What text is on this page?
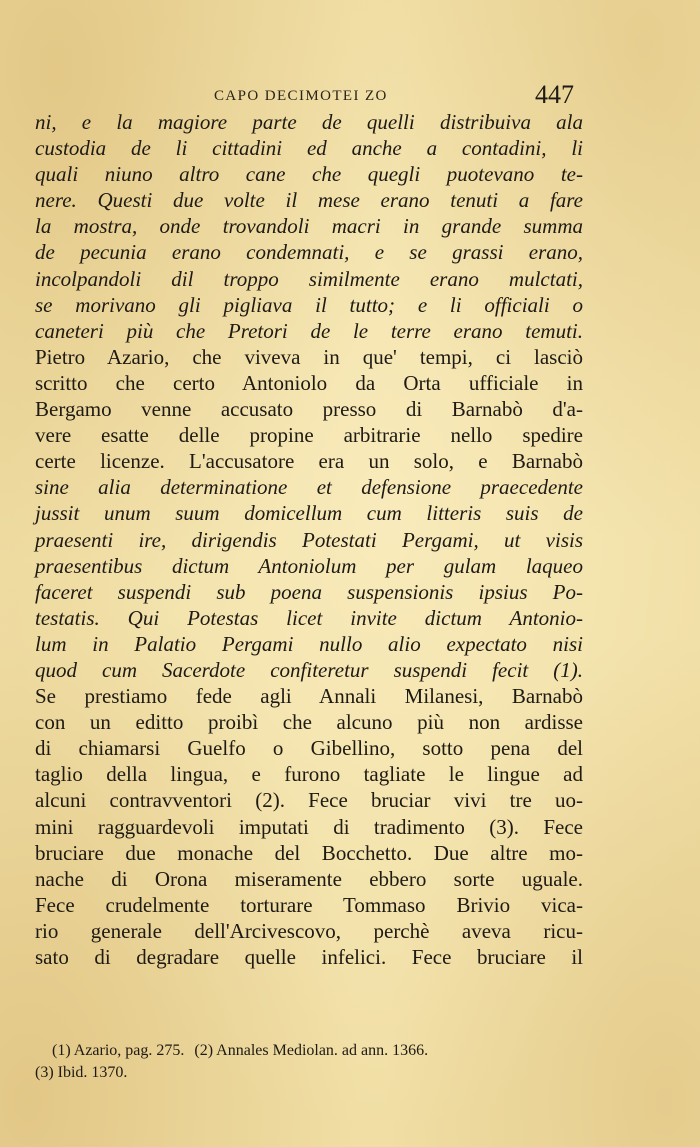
CAPO DECIMOTEI ZO	447
ni, e la magiore parte de quelli distribuiva ala
custodia de li cittadini ed anche a contadini, li
quali niuno altro cane che quegli puotevano te-
nere. Questi due volte il mese erano tenuti a fare
la mostra, onde trovandoli macri in grande summa
de pecunia erano condemnati, e se grassi erano,
incolpandoli dil troppo similmente erano mulctati,
se morivano gli pigliava il tutto; e li officiali o
caneteri più che Pretori de le terre erano temuti.
Pietro Azario, che viveva in que' tempi, ci lasciò
scritto che certo Antoniolo da Orta ufficiale in
Bergamo venne accusato presso di Barnabò d'a-
vere esatte delle propine arbitrarie nello spedire
certe licenze. L'accusatore era un solo, e Barnabò
sine alia determinatione et defensione praecedente
jussit unum suum domicellum cum litteris suis de
praesenti ire, dirigendis Potestati Pergami, ut visis
praesentibus dictum Antoniolum per gulam laqueo
faceret suspendi sub poena suspensionis ipsius Po-
testatis. Qui Potestas licet invite dictum Antonio-
lum in Palatio Pergami nullo alio expectato nisi
quod cum Sacerdote confiteretur suspendi fecit (1).
Se prestiamo fede agli Annali Milanesi, Barnabò
con un editto proibì che alcuno più non ardisse
di chiamarsi Guelfo o Gibellino, sotto pena del
taglio della lingua, e furono tagliate le lingue ad
alcuni contravventori (2). Fece bruciar vivi tre uo-
mini ragguardevoli imputati di tradimento (3). Fece
bruciare due monache del Bocchetto. Due altre mo-
nache di Orona miseramente ebbero sorte uguale.
Fece crudelmente torturare Tommaso Brivio vica-
rio generale dell'Arcivescovo, perchè aveva ricu-
sato di degradare quelle infelici. Fece bruciare il
(1) Azario, pag. 275. (2) Annales Mediolan. ad ann. 1366.
(3) Ibid. 1370.
